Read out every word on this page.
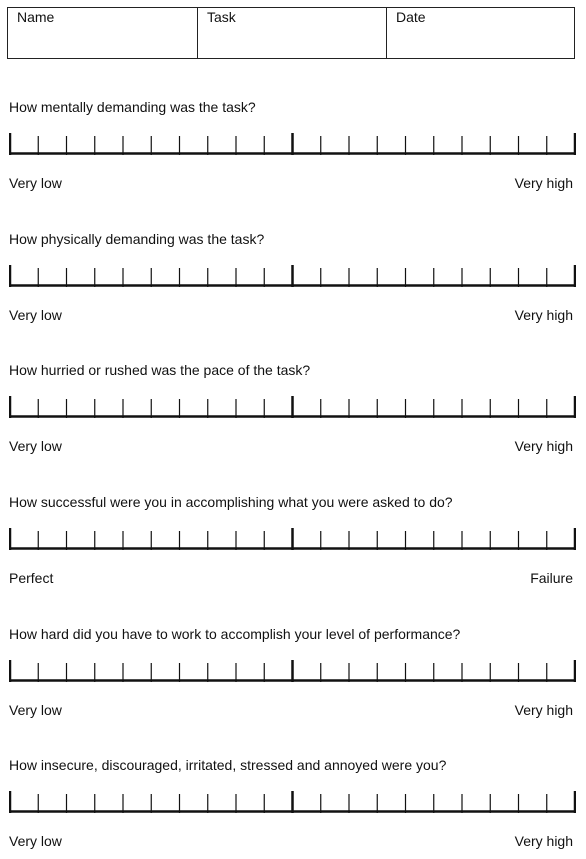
Name	Task	Date
How mentally demanding was the task?
Very low	Very high
How physically demanding was the task?
Very low	Very high
How hurried or rushed was the pace of the task?
Very low	Very high
How successful were you in accomplishing what you were asked to do?
Perfect	Failure
How hard did you have to work to accomplish your level of performance?
Very low	Very high
How insecure, discouraged, irritated, stressed and annoyed were you?
Very low	Very high
